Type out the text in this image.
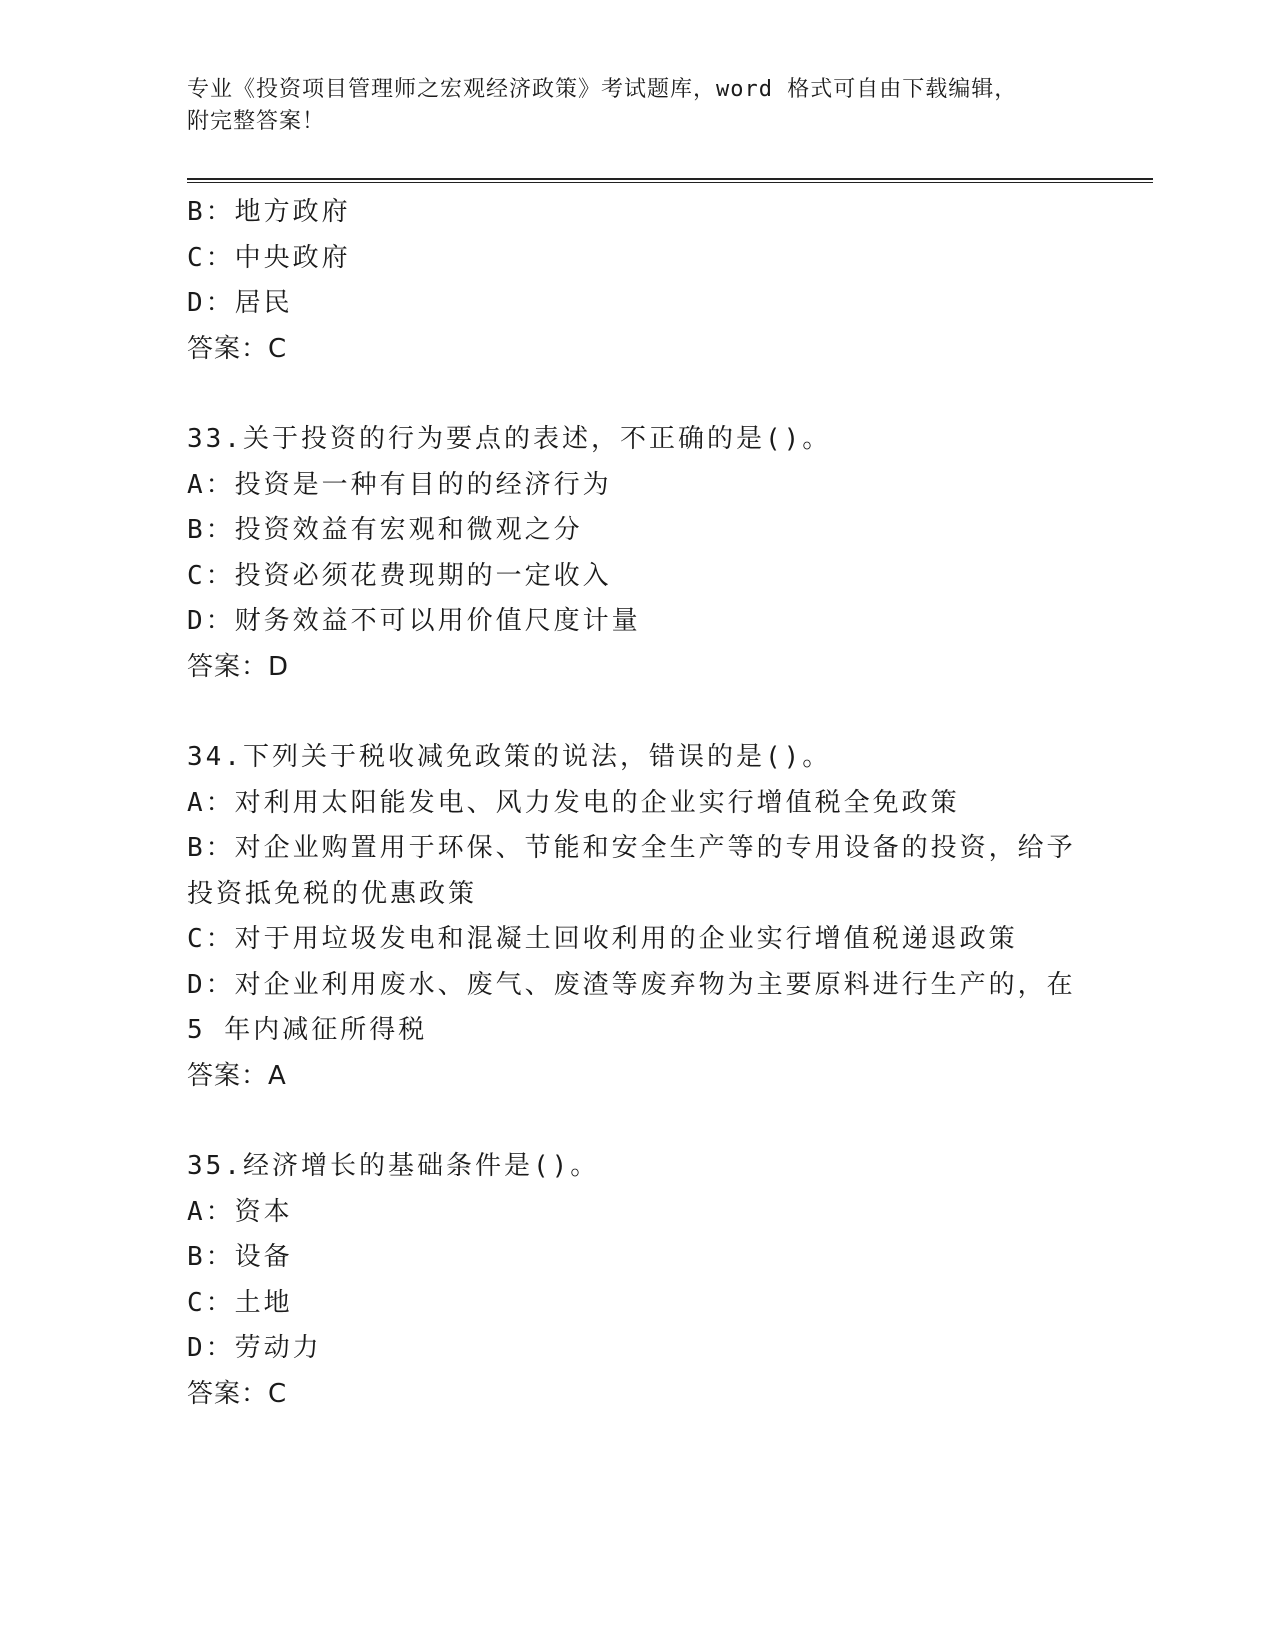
专业《投资项目管理师之宏观经济政策》考试题库，word 格式可自由下载编辑，
附完整答案！
B：地方政府
C：中央政府
D：居民
答案：C
33.关于投资的行为要点的表述，不正确的是()。
A：投资是一种有目的的经济行为
B：投资效益有宏观和微观之分
C：投资必须花费现期的一定收入
D：财务效益不可以用价值尺度计量
答案：D
34.下列关于税收减免政策的说法，错误的是()。
A：对利用太阳能发电、风力发电的企业实行增值税全免政策
B：对企业购置用于环保、节能和安全生产等的专用设备的投资，给予
投资抵免税的优惠政策
C：对于用垃圾发电和混凝土回收利用的企业实行增值税递退政策
D：对企业利用废水、废气、废渣等废弃物为主要原料进行生产的，在
5 年内减征所得税
答案：A
35.经济增长的基础条件是()。
A：资本
B：设备
C：土地
D：劳动力
答案：C
